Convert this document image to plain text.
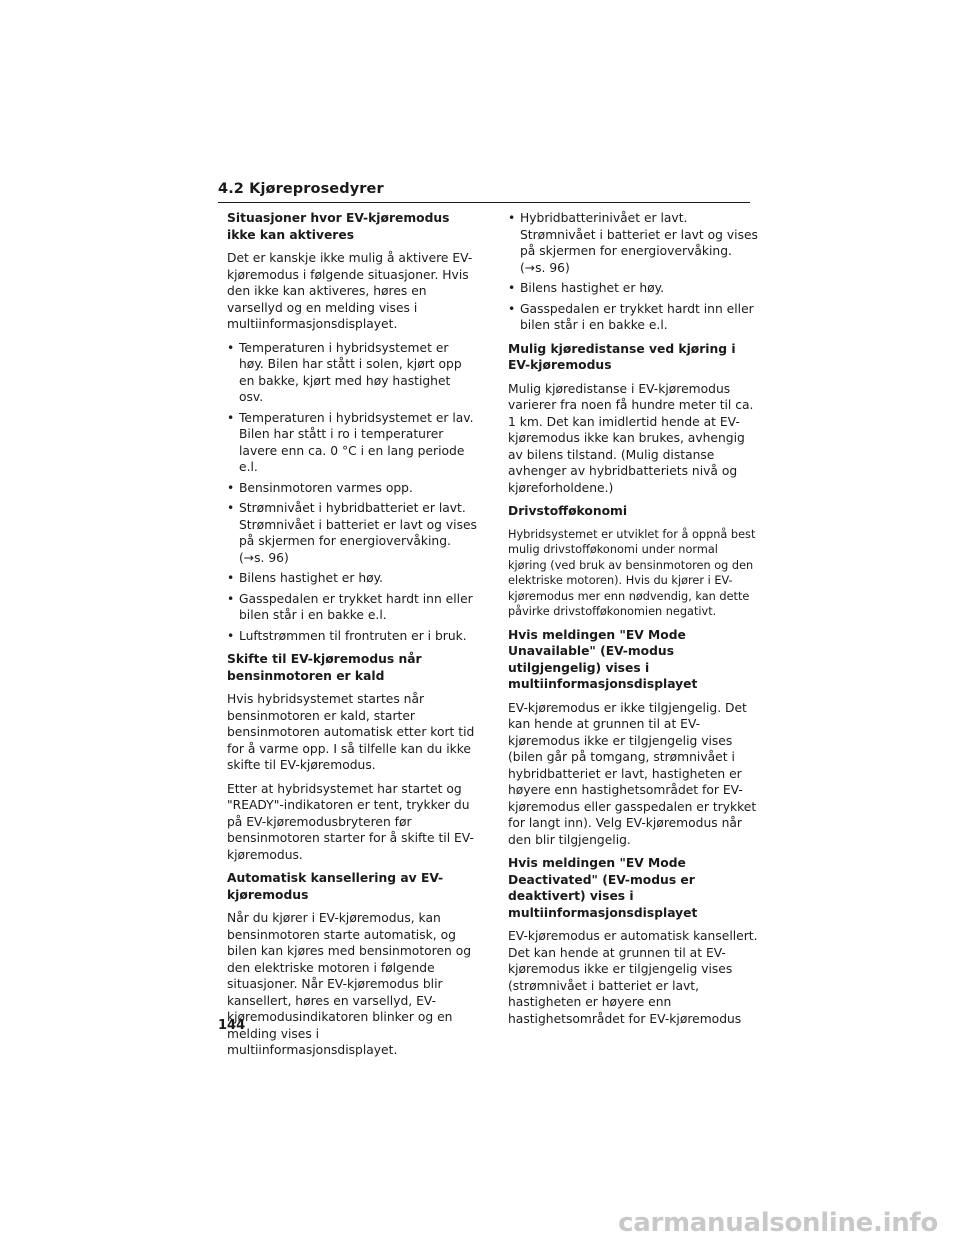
4.2 Kjøreprosedyrer
Situasjoner hvor EV-kjøremodus ikke kan aktiveres

Det er kanskje ikke mulig å aktivere EV-kjøremodus i følgende situasjoner. Hvis den ikke kan aktiveres, høres en varsellyd og en melding vises i multiinformasjonsdisplayet.

• Temperaturen i hybridsystemet er høy. Bilen har stått i solen, kjørt opp en bakke, kjørt med høy hastighet osv.
• Temperaturen i hybridsystemet er lav. Bilen har stått i ro i temperaturer lavere enn ca. 0 °C i en lang periode e.l.
• Bensinmotoren varmes opp.
• Strømnivået i hybridbatteriet er lavt. Strømnivået i batteriet er lavt og vises på skjermen for energiovervåking. (→s. 96)
• Bilens hastighet er høy.
• Gasspedalen er trykket hardt inn eller bilen står i en bakke e.l.
• Luftstrømmen til frontruten er i bruk.
Skifte til EV-kjøremodus når bensinmotoren er kald

Hvis hybridsystemet startes når bensinmotoren er kald, starter bensinmotoren automatisk etter kort tid for å varme opp. I så tilfelle kan du ikke skifte til EV-kjøremodus.

Etter at hybridsystemet har startet og "READY"-indikatoren er tent, trykker du på EV-kjøremodusbryteren før bensinmotoren starter for å skifte til EV-kjøremodus.

Automatisk kansellering av EV-kjøremodus

Når du kjører i EV-kjøremodus, kan bensinmotoren starte automatisk, og bilen kan kjøres med bensinmotoren og den elektriske motoren i følgende situasjoner. Når EV-kjøremodus blir kansellert, høres en varsellyd, EV-kjøremodusindikatoren blinker og en melding vises i multiinformasjonsdisplayet.

• Hybridbatterinivået er lavt. Strømnivået i batteriet er lavt og vises på skjermen for energiovervåking. (→s. 96)
• Bilens hastighet er høy.
• Gasspedalen er trykket hardt inn eller bilen står i en bakke e.l.
Mulig kjøredistanse ved kjøring i EV-kjøremodus

Mulig kjøredistanse i EV-kjøremodus varierer fra noen få hundre meter til ca. 1 km. Det kan imidlertid hende at EV-kjøremodus ikke kan brukes, avhengig av bilens tilstand. (Mulig distanse avhenger av hybridbatteriets nivå og kjøreforholdene.)

Drivstofføkonomi

Hybridsystemet er utviklet for å oppnå best mulig drivstofføkonomi under normal kjøring (ved bruk av bensinmotoren og den elektriske motoren). Hvis du kjører i EV-kjøremodus mer enn nødvendig, kan dette påvirke drivstofføkonomien negativt.

Hvis meldingen "EV Mode Unavailable" (EV-modus utilgjengelig) vises i multiinformasjonsdisplayet

EV-kjøremodus er ikke tilgjengelig. Det kan hende at grunnen til at EV-kjøremodus ikke er tilgjengelig vises (bilen går på tomgang, strømnivået i hybridbatteriet er lavt, hastigheten er høyere enn hastighetsområdet for EV-kjøremodus eller gasspedalen er trykket for langt inn). Velg EV-kjøremodus når den blir tilgjengelig.

Hvis meldingen "EV Mode Deactivated" (EV-modus er deaktivert) vises i multiinformasjonsdisplayet

EV-kjøremodus er automatisk kansellert. Det kan hende at grunnen til at EV-kjøremodus ikke er tilgjengelig vises (strømnivået i batteriet er lavt, hastigheten er høyere enn hastighetsområdet for EV-kjøremodus

144
carmanualsonline.info
